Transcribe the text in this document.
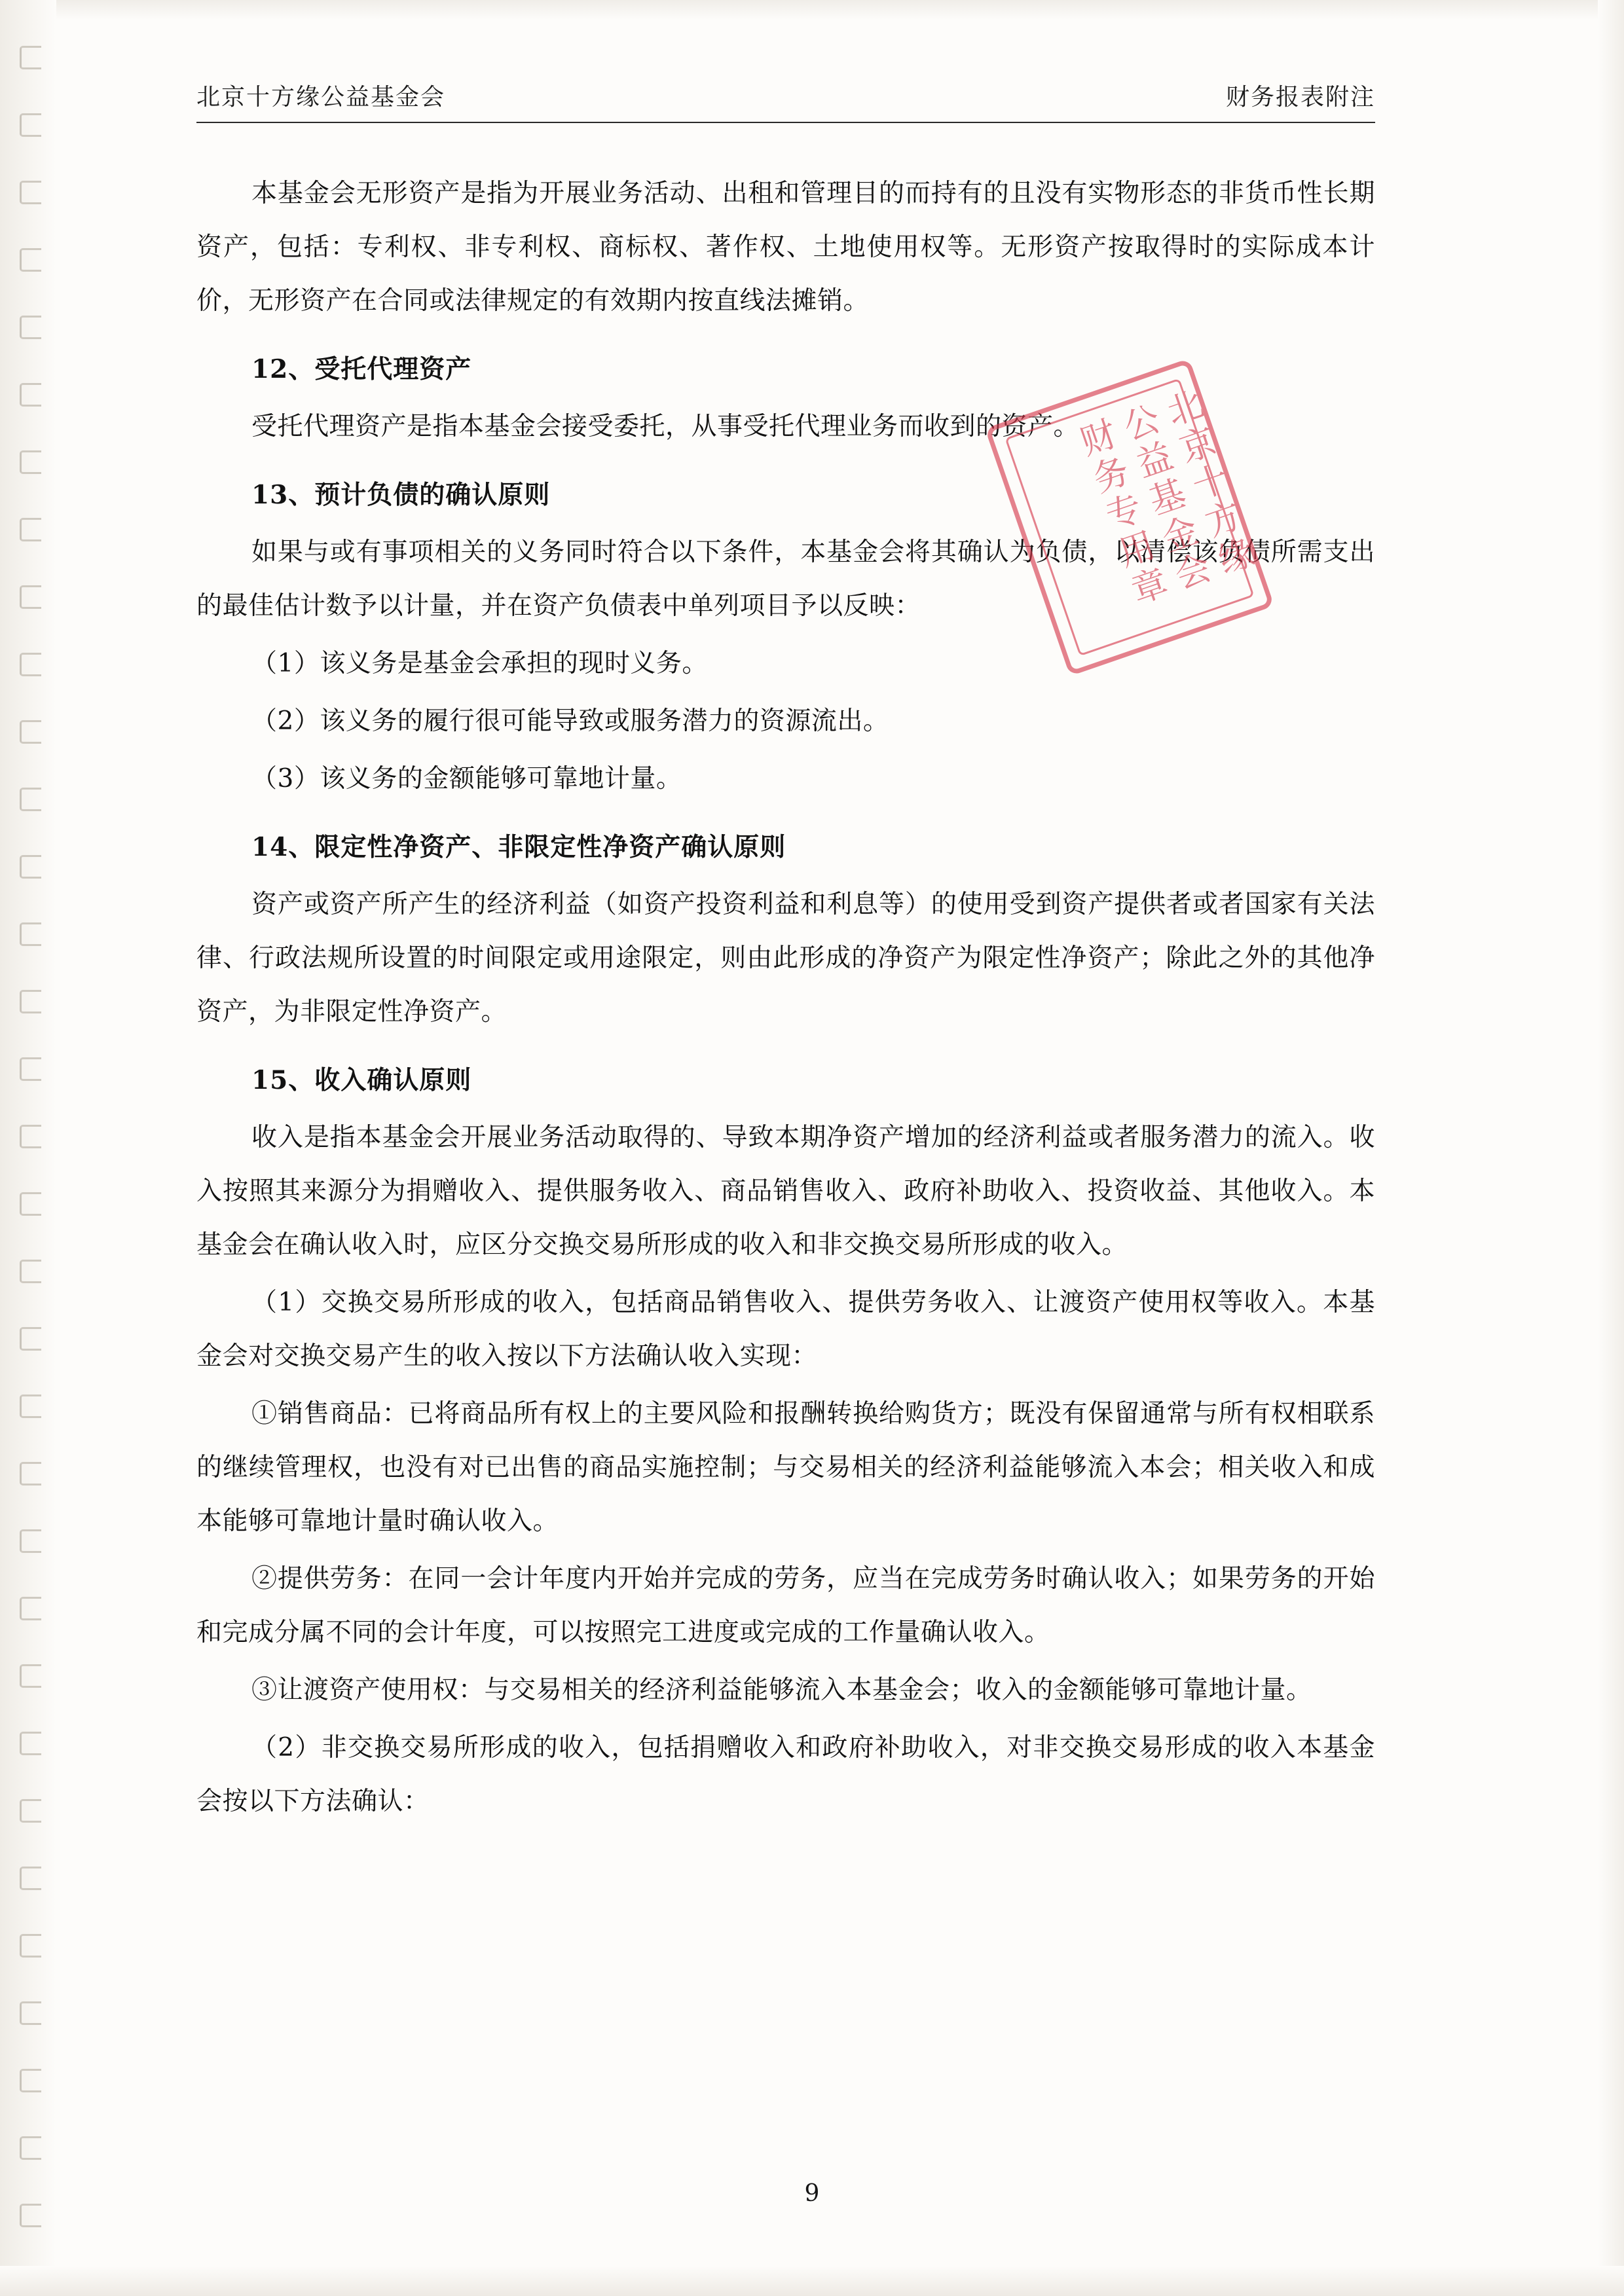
北京十方缘公益基金会	财务报表附注

本基金会无形资产是指为开展业务活动、出租和管理目的而持有的且没有实物形态的非货币性长期资产，包括：专利权、非专利权、商标权、著作权、土地使用权等。无形资产按取得时的实际成本计价，无形资产在合同或法律规定的有效期内按直线法摊销。

12、受托代理资产

受托代理资产是指本基金会接受委托，从事受托代理业务而收到的资产。

13、预计负债的确认原则

如果与或有事项相关的义务同时符合以下条件，本基金会将其确认为负债，以清偿该负债所需支出的最佳估计数予以计量，并在资产负债表中单列项目予以反映：

（1）该义务是基金会承担的现时义务。

（2）该义务的履行很可能导致或服务潜力的资源流出。

（3）该义务的金额能够可靠地计量。

14、限定性净资产、非限定性净资产确认原则

资产或资产所产生的经济利益（如资产投资利益和利息等）的使用受到资产提供者或者国家有关法律、行政法规所设置的时间限定或用途限定，则由此形成的净资产为限定性净资产；除此之外的其他净资产，为非限定性净资产。

15、收入确认原则

收入是指本基金会开展业务活动取得的、导致本期净资产增加的经济利益或者服务潜力的流入。收入按照其来源分为捐赠收入、提供服务收入、商品销售收入、政府补助收入、投资收益、其他收入。本基金会在确认收入时，应区分交换交易所形成的收入和非交换交易所形成的收入。

（1）交换交易所形成的收入，包括商品销售收入、提供劳务收入、让渡资产使用权等收入。本基金会对交换交易产生的收入按以下方法确认收入实现：

①销售商品：已将商品所有权上的主要风险和报酬转换给购货方；既没有保留通常与所有权相联系的继续管理权，也没有对已出售的商品实施控制；与交易相关的经济利益能够流入本会；相关收入和成本能够可靠地计量时确认收入。

②提供劳务：在同一会计年度内开始并完成的劳务，应当在完成劳务时确认收入；如果劳务的开始和完成分属不同的会计年度，可以按照完工进度或完成的工作量确认收入。

③让渡资产使用权：与交易相关的经济利益能够流入本基金会；收入的金额能够可靠地计量。

（2）非交换交易所形成的收入，包括捐赠收入和政府补助收入，对非交换交易形成的收入本基金会按以下方法确认：

北京十方缘公益基金会财务专用章
9
